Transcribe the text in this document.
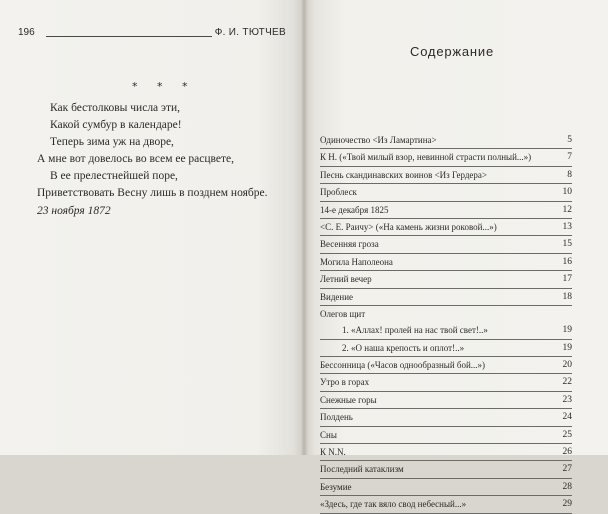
196	Ф. И. ТЮТЧЕВ
* * *
Как бестолковы числа эти,
Какой сумбур в календаре!
Теперь зима уж на дворе,
А мне вот довелось во всем ее расцвете,
В ее прелестнейшей поре,
Приветствовать Весну лишь в позднем ноябре.
23 ноября 1872
Содержание
Одиночество <Из Ламартина>	5
К Н. («Твой милый взор, невинной страсти полный...»)	7
Песнь скандинавских воинов <Из Гердера>	8
Проблеск	10
14-е декабря 1825	12
<С. Е. Раичу> («На камень жизни роковой...»)	13
Весенняя гроза	15
Могила Наполеона	16
Летний вечер	17
Видение	18
Олегов щит
1. «Аллах! пролей на нас твой свет!..»	19
2. «О наша крепость и оплот!..»	19
Бессонница («Часов однообразный бой...»)	20
Утро в горах	22
Снежные горы	23
Полдень	24
Сны	25
К N.N.	26
Последний катаклизм	27
Безумие	28
«Здесь, где так вяло свод небесный...»	29
